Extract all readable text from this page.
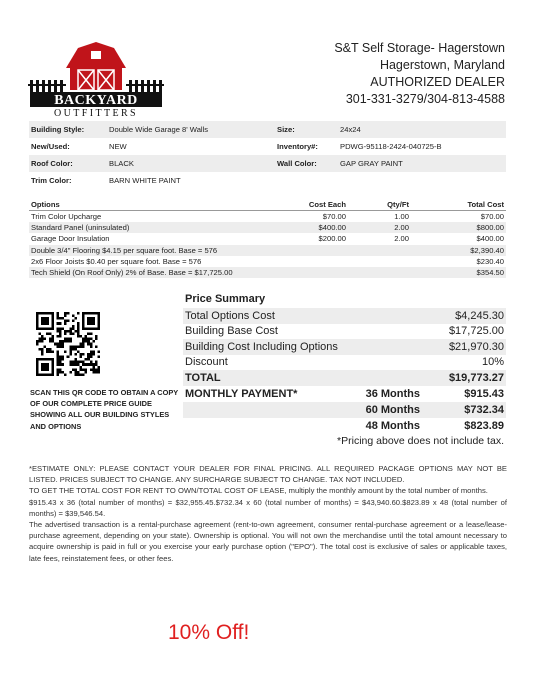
BACKYARD
OUTFITTERS
S&T Self Storage- Hagerstown
Hagerstown, Maryland
AUTHORIZED DEALER
301-331-3279/304-813-4588
Building Style:	Double Wide Garage 8' Walls	Size:	24x24
New/Used:	NEW	Inventory#:	PDWG-95118-2424-040725-B
Roof Color:	BLACK	Wall Color:	GAP GRAY PAINT
Trim Color:	BARN WHITE PAINT
Options	Cost Each	Qty/Ft	Total Cost
Trim Color Upcharge	$70.00	1.00	$70.00
Standard Panel (uninsulated)	$400.00	2.00	$800.00
Garage Door Insulation	$200.00	2.00	$400.00
Double 3/4" Flooring $4.15 per square foot. Base = 576	$2,390.40
2x6 Floor Joists $0.40 per square foot. Base = 576	$230.40
Tech Shield (On Roof Only) 2% of Base. Base = $17,725.00	$354.50
SCAN THIS QR CODE TO OBTAIN A COPY OF OUR COMPLETE PRICE GUIDE SHOWING ALL OUR BUILDING STYLES AND OPTIONS
Price Summary
Total Options Cost	$4,245.30
Building Base Cost	$17,725.00
Building Cost Including Options	$21,970.30
Discount	10%
TOTAL	$19,773.27
MONTHLY PAYMENT*	36 Months	$915.43
60 Months	$732.34
48 Months	$823.89
*Pricing above does not include tax.

*ESTIMATE ONLY: PLEASE CONTACT YOUR DEALER FOR FINAL PRICING. ALL REQUIRED PACKAGE OPTIONS MAY NOT BE LISTED. PRICES SUBJECT TO CHANGE. ANY SURCHARGE SUBJECT TO CHANGE. TAX NOT INCLUDED.

TO GET THE TOTAL COST FOR RENT TO OWN/TOTAL COST OF LEASE, multiply the monthly amount by the total number of months.

$915.43 x 36 (total number of months) = $32,955.45.$732.34 x 60 (total number of months) = $43,940.60.$823.89 x 48 (total number of months) = $39,546.54.

The advertised transaction is a rental-purchase agreement (rent-to-own agreement, consumer rental-purchase agreement or a lease/lease-purchase agreement, depending on your state). Ownership is optional. You will not own the merchandise until the total amount necessary to acquire ownership is paid in full or you exercise your early purchase option ("EPO"). The total cost is exclusive of sales or applicable taxes, late fees, reinstatement fees, or other fees.

10% Off!
